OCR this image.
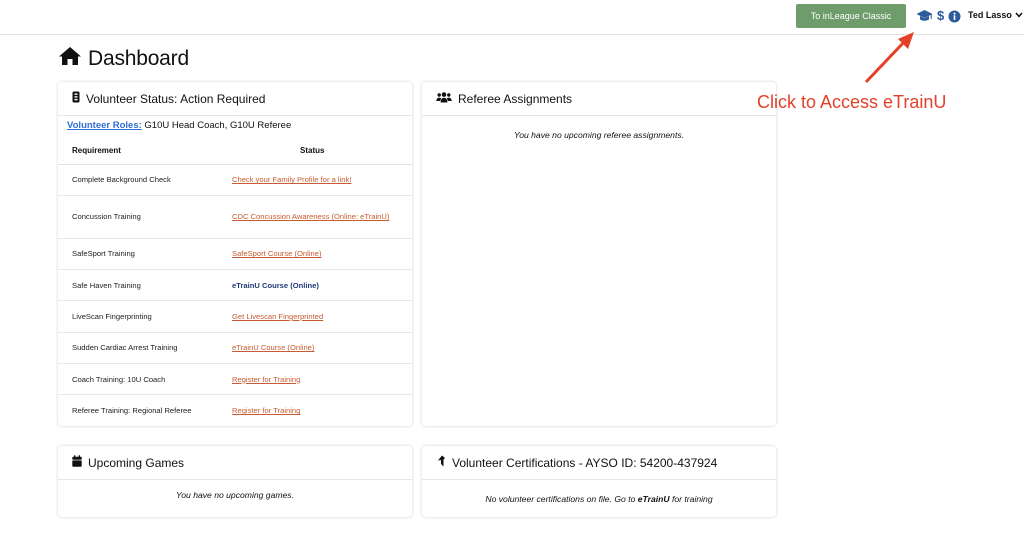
To inLeague Classic	$	Ted Lasso
Dashboard
Volunteer Status: Action Required
Volunteer Roles: G10U Head Coach, G10U Referee
Requirement	Status
Complete Background Check	Check your Family Profile for a link!
Concussion Training	CDC Concussion Awareness (Online: eTrainU)
SafeSport Training	SafeSport Course (Online)
Safe Haven Training	eTrainU Course (Online)
LiveScan Fingerprinting	Get Livescan Fingerprinted
Sudden Cardiac Arrest Training	eTrainU Course (Online)
Coach Training: 10U Coach	Register for Training
Referee Training: Regional Referee	Register for Training
Referee Assignments
You have no upcoming referee assignments.
Upcoming Games
You have no upcoming games.
Volunteer Certifications - AYSO ID: 54200-437924
No volunteer certifications on file. Go to eTrainU for training
Click to Access eTrainU
